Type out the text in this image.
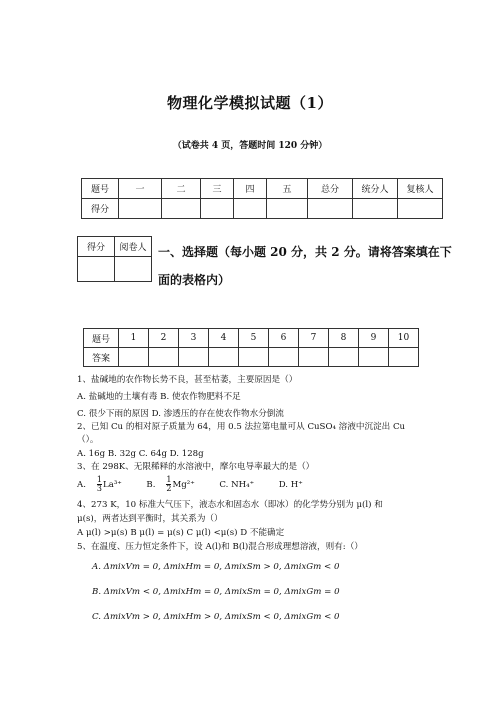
物理化学模拟试题（1）
（试卷共 4 页，答题时间 120 分钟）
题号	一	二	三	四	五	总分	统分人	复核人
得分								
得分	阅卷人
	一、选择题（每小题 20 分，共 2 分。请将答案填在下面的表格内）
题号	1	2	3	4	5	6	7	8	9	10
答案										
1、盐碱地的农作物长势不良，甚至枯萎，主要原因是（）
A. 盐碱地的土壤有毒 B. 使农作物肥料不足
C. 很少下雨的原因 D. 渗透压的存在使农作物水分倒流
2、已知 Cu 的相对原子质量为 64，用 0.5 法拉第电量可从 CuSO₄ 溶液中沉淀出 Cu
（）。
A. 16g B. 32g C. 64g D. 128g
3、在 298K、无限稀释的水溶液中，摩尔电导率最大的是（）
A. $\frac{1}{3} La^{3+}$	B. $\frac{1}{2} Mg^{2+}$	C. NH₄⁺	D. H⁺
4、273 K，10 标准大气压下，液态水和固态水（即冰）的化学势分别为 μ(l) 和
μ(s)，两者达到平衡时，其关系为（）
A μ(l) >μ(s) B μ(l) = μ(s) C μ(l) <μ(s) D 不能确定
5、在温度、压力恒定条件下，设 A(l)和 B(l)混合形成理想溶液，则有:（）
A. ΔmixVm = 0, ΔmixHm = 0, ΔmixSm > 0, ΔmixGm < 0
B. ΔmixVm < 0, ΔmixHm = 0, ΔmixSm = 0, ΔmixGm = 0
C. ΔmixVm > 0, ΔmixHm > 0, ΔmixSm < 0, ΔmixGm < 0
